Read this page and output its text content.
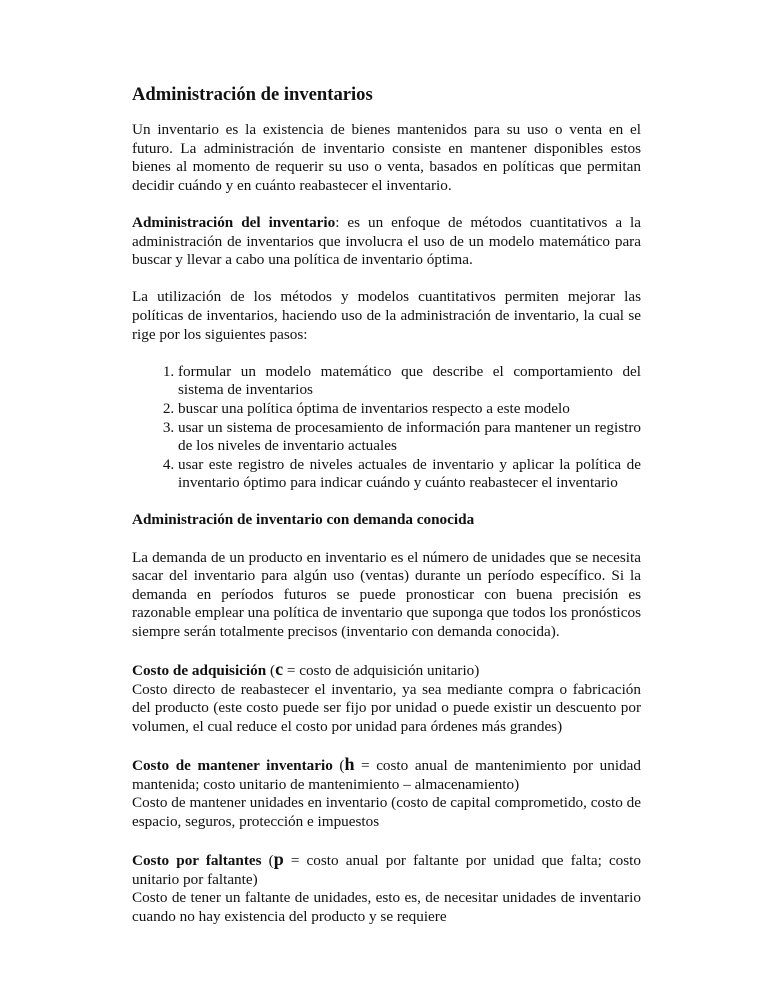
Administración de inventarios

Un inventario es la existencia de bienes mantenidos para su uso o venta en el futuro. La administración de inventario consiste en mantener disponibles estos bienes al momento de requerir su uso o venta, basados en políticas que permitan decidir cuándo y en cuánto reabastecer el inventario.

Administración del inventario: es un enfoque de métodos cuantitativos a la administración de inventarios que involucra el uso de un modelo matemático para buscar y llevar a cabo una política de inventario óptima.

La utilización de los métodos y modelos cuantitativos permiten mejorar las políticas de inventarios, haciendo uso de la administración de inventario, la cual se rige por los siguientes pasos:

1. formular un modelo matemático que describe el comportamiento del sistema de inventarios
2. buscar una política óptima de inventarios respecto a este modelo
3. usar un sistema de procesamiento de información para mantener un registro de los niveles de inventario actuales
4. usar este registro de niveles actuales de inventario y aplicar la política de inventario óptimo para indicar cuándo y cuánto reabastecer el inventario
Administración de inventario con demanda conocida

La demanda de un producto en inventario es el número de unidades que se necesita sacar del inventario para algún uso (ventas) durante un período específico. Si la demanda en períodos futuros se puede pronosticar con buena precisión es razonable emplear una política de inventario que suponga que todos los pronósticos siempre serán totalmente precisos (inventario con demanda conocida).

Costo de adquisición (c = costo de adquisición unitario)

Costo directo de reabastecer el inventario, ya sea mediante compra o fabricación del producto (este costo puede ser fijo por unidad o puede existir un descuento por volumen, el cual reduce el costo por unidad para órdenes más grandes)

Costo de mantener inventario (h = costo anual de mantenimiento por unidad mantenida; costo unitario de mantenimiento – almacenamiento)

Costo de mantener unidades en inventario (costo de capital comprometido, costo de espacio, seguros, protección e impuestos

Costo por faltantes (p = costo anual por faltante por unidad que falta; costo unitario por faltante)

Costo de tener un faltante de unidades, esto es, de necesitar unidades de inventario cuando no hay existencia del producto y se requiere
